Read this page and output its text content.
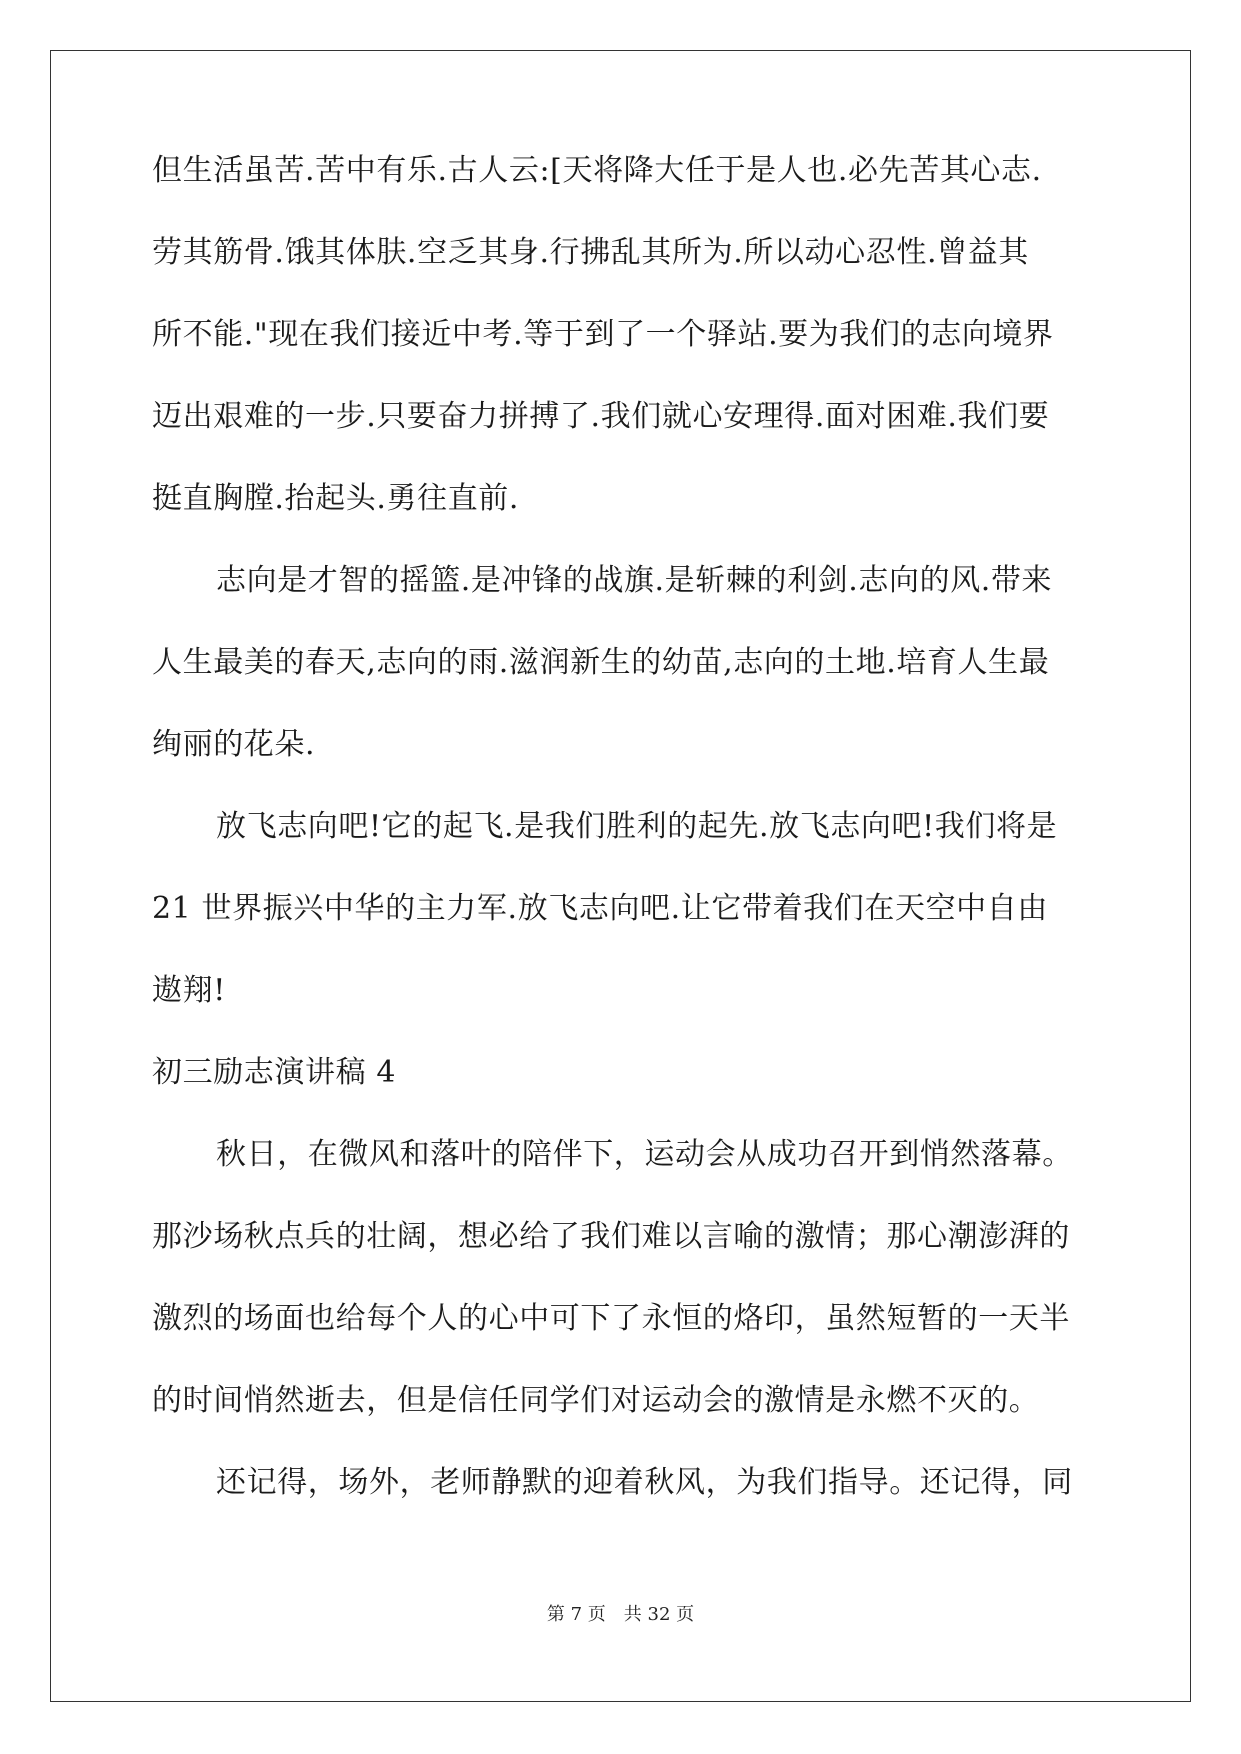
但生活虽苦.苦中有乐.古人云:[天将降大任于是人也.必先苦其心志.
劳其筋骨.饿其体肤.空乏其身.行拂乱其所为.所以动心忍性.曾益其
所不能."现在我们接近中考.等于到了一个驿站.要为我们的志向境界
迈出艰难的一步.只要奋力拼搏了.我们就心安理得.面对困难.我们要
挺直胸膛.抬起头.勇往直前.
志向是才智的摇篮.是冲锋的战旗.是斩棘的利剑.志向的风.带来
人生最美的春天,志向的雨.滋润新生的幼苗,志向的土地.培育人生最
绚丽的花朵.
放飞志向吧!它的起飞.是我们胜利的起先.放飞志向吧!我们将是
21 世界振兴中华的主力军.放飞志向吧.让它带着我们在天空中自由
遨翔!
初三励志演讲稿 4
秋日，在微风和落叶的陪伴下，运动会从成功召开到悄然落幕。
那沙场秋点兵的壮阔，想必给了我们难以言喻的激情；那心潮澎湃的
激烈的场面也给每个人的心中可下了永恒的烙印，虽然短暂的一天半
的时间悄然逝去，但是信任同学们对运动会的激情是永燃不灭的。
还记得，场外，老师静默的迎着秋风，为我们指导。还记得，同
第 7 页 共 32 页
